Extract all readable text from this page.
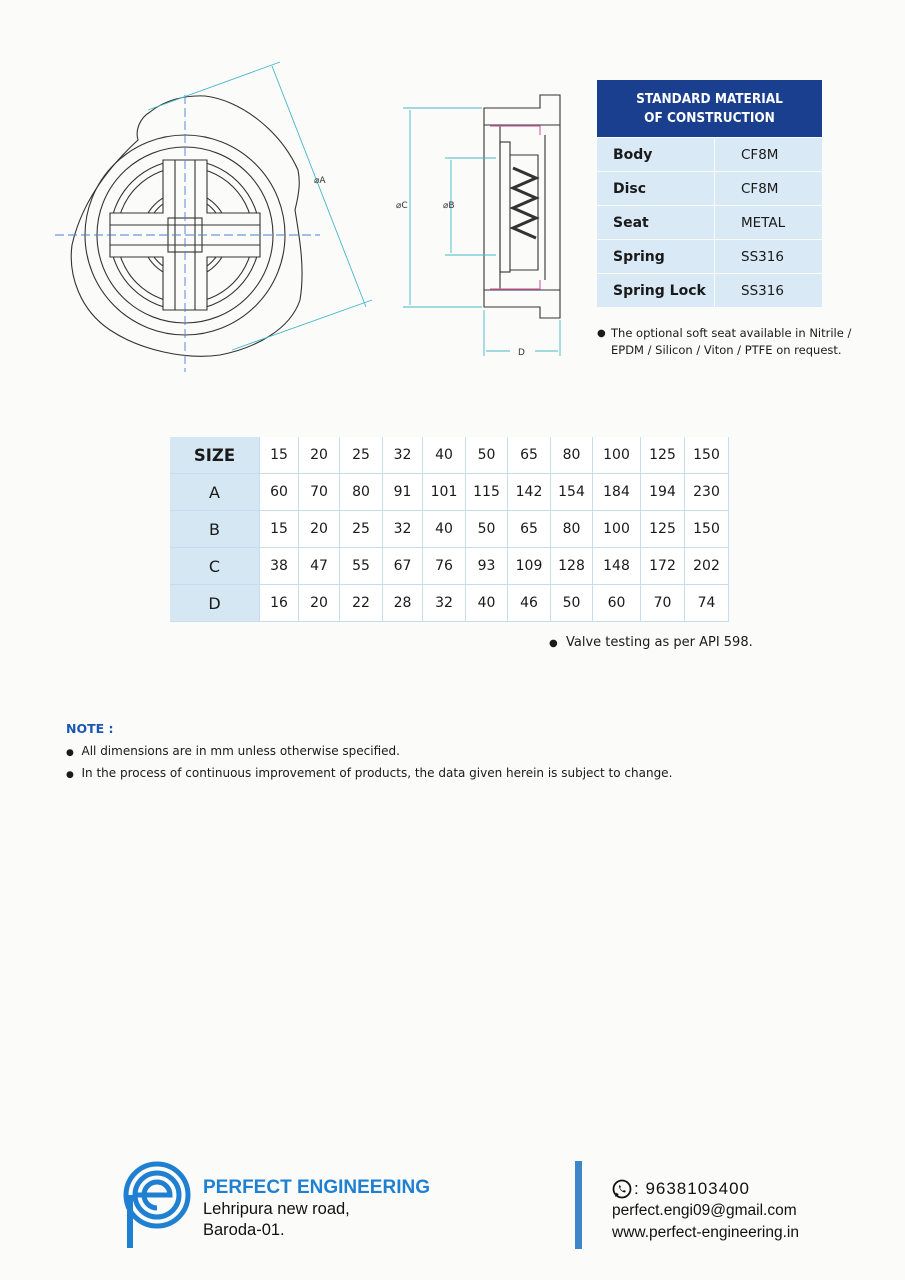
⌀A
⌀C	⌀B
D
STANDARD MATERIAL
OF CONSTRUCTION
Body	CF8M
Disc	CF8M
Seat	METAL
Spring	SS316
Spring Lock	SS316
● The optional soft seat available in Nitrile / EPDM / Silicon / Viton / PTFE on request.
SIZE	15	20	25	32	40	50	65	80	100	125	150
A	60	70	80	91	101	115	142	154	184	194	230
B	15	20	25	32	40	50	65	80	100	125	150
C	38	47	55	67	76	93	109	128	148	172	202
D	16	20	22	28	32	40	46	50	60	70	74
● Valve testing as per API 598.
NOTE :
● All dimensions are in mm unless otherwise specified.
● In the process of continuous improvement of products, the data given herein is subject to change.
PERFECT ENGINEERING
Lehripura new road,
Baroda-01.
: 9638103400
perfect.engi09@gmail.com
www.perfect-engineering.in
